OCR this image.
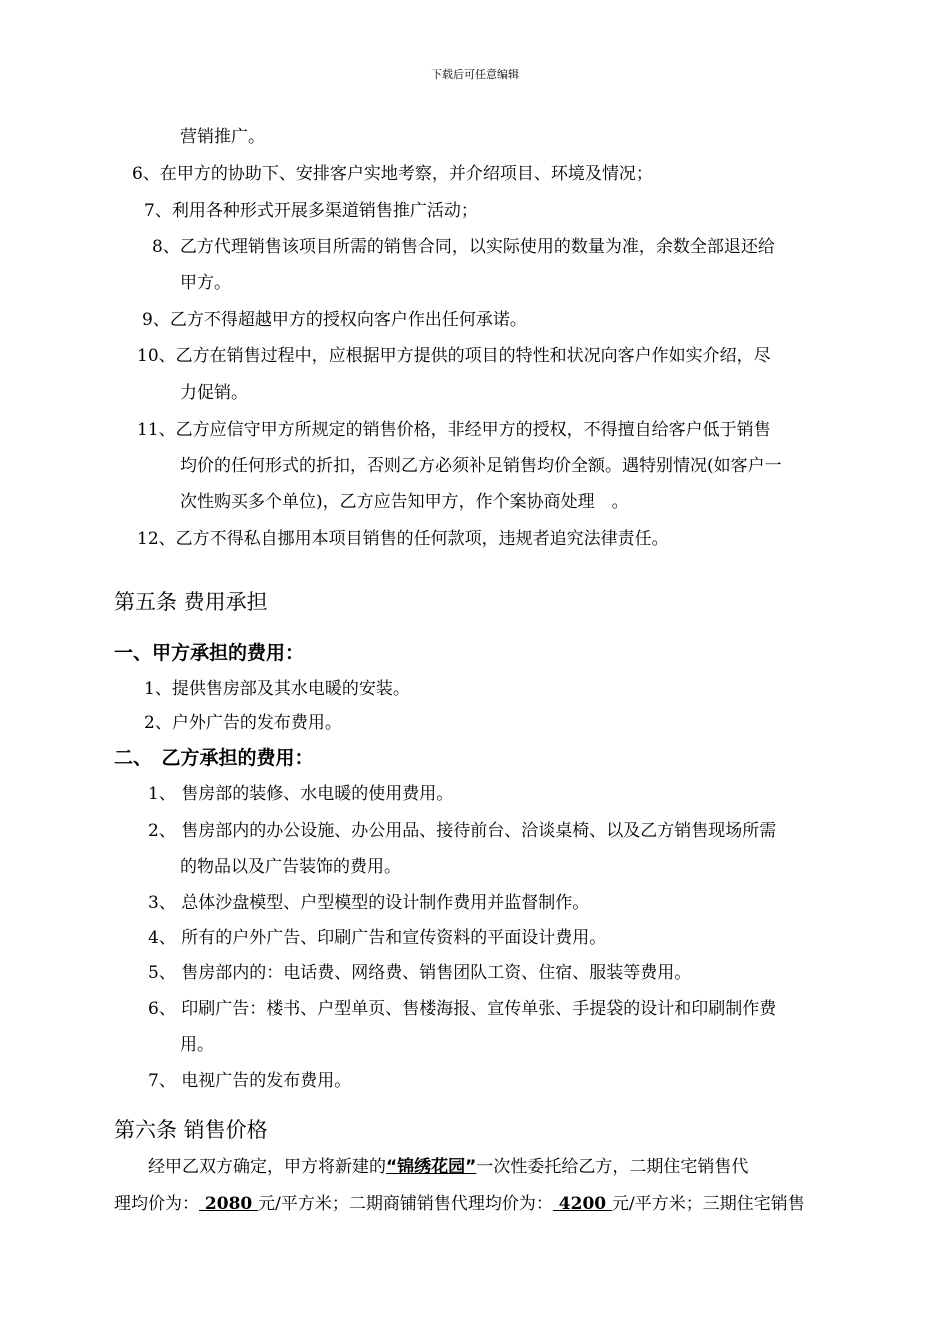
下载后可任意编辑
营销推广。
6、在甲方的协助下、安排客户实地考察，并介绍项目、环境及情况；
7、利用各种形式开展多渠道销售推广活动；
8、乙方代理销售该项目所需的销售合同，以实际使用的数量为准，余数全部退还给
甲方。
9、乙方不得超越甲方的授权向客户作出任何承诺。
10、乙方在销售过程中，应根据甲方提供的项目的特性和状况向客户作如实介绍，尽
力促销。
11、乙方应信守甲方所规定的销售价格，非经甲方的授权，不得擅自给客户低于销售
均价的任何形式的折扣，否则乙方必须补足销售均价全额。遇特别情况(如客户一
次性购买多个单位)，乙方应告知甲方，作个案协商处理　。
12、乙方不得私自挪用本项目销售的任何款项，违规者追究法律责任。
第五条 费用承担
一、甲方承担的费用：
1、提供售房部及其水电暖的安装。
2、户外广告的发布费用。
二、　乙方承担的费用：
1、 售房部的装修、水电暖的使用费用。
2、 售房部内的办公设施、办公用品、接待前台、洽谈桌椅、以及乙方销售现场所需
的物品以及广告装饰的费用。
3、 总体沙盘模型、户型模型的设计制作费用并监督制作。
4、 所有的户外广告、印刷广告和宣传资料的平面设计费用。
5、 售房部内的：电话费、网络费、销售团队工资、住宿、服装等费用。
6、 印刷广告：楼书、户型单页、售楼海报、宣传单张、手提袋的设计和印刷制作费
用。
7、 电视广告的发布费用。
第六条 销售价格
经甲乙双方确定，甲方将新建的“锦绣花园”一次性委托给乙方，二期住宅销售代
理均价为： 2080 元/平方米；二期商铺销售代理均价为： 4200 元/平方米；三期住宅销售
